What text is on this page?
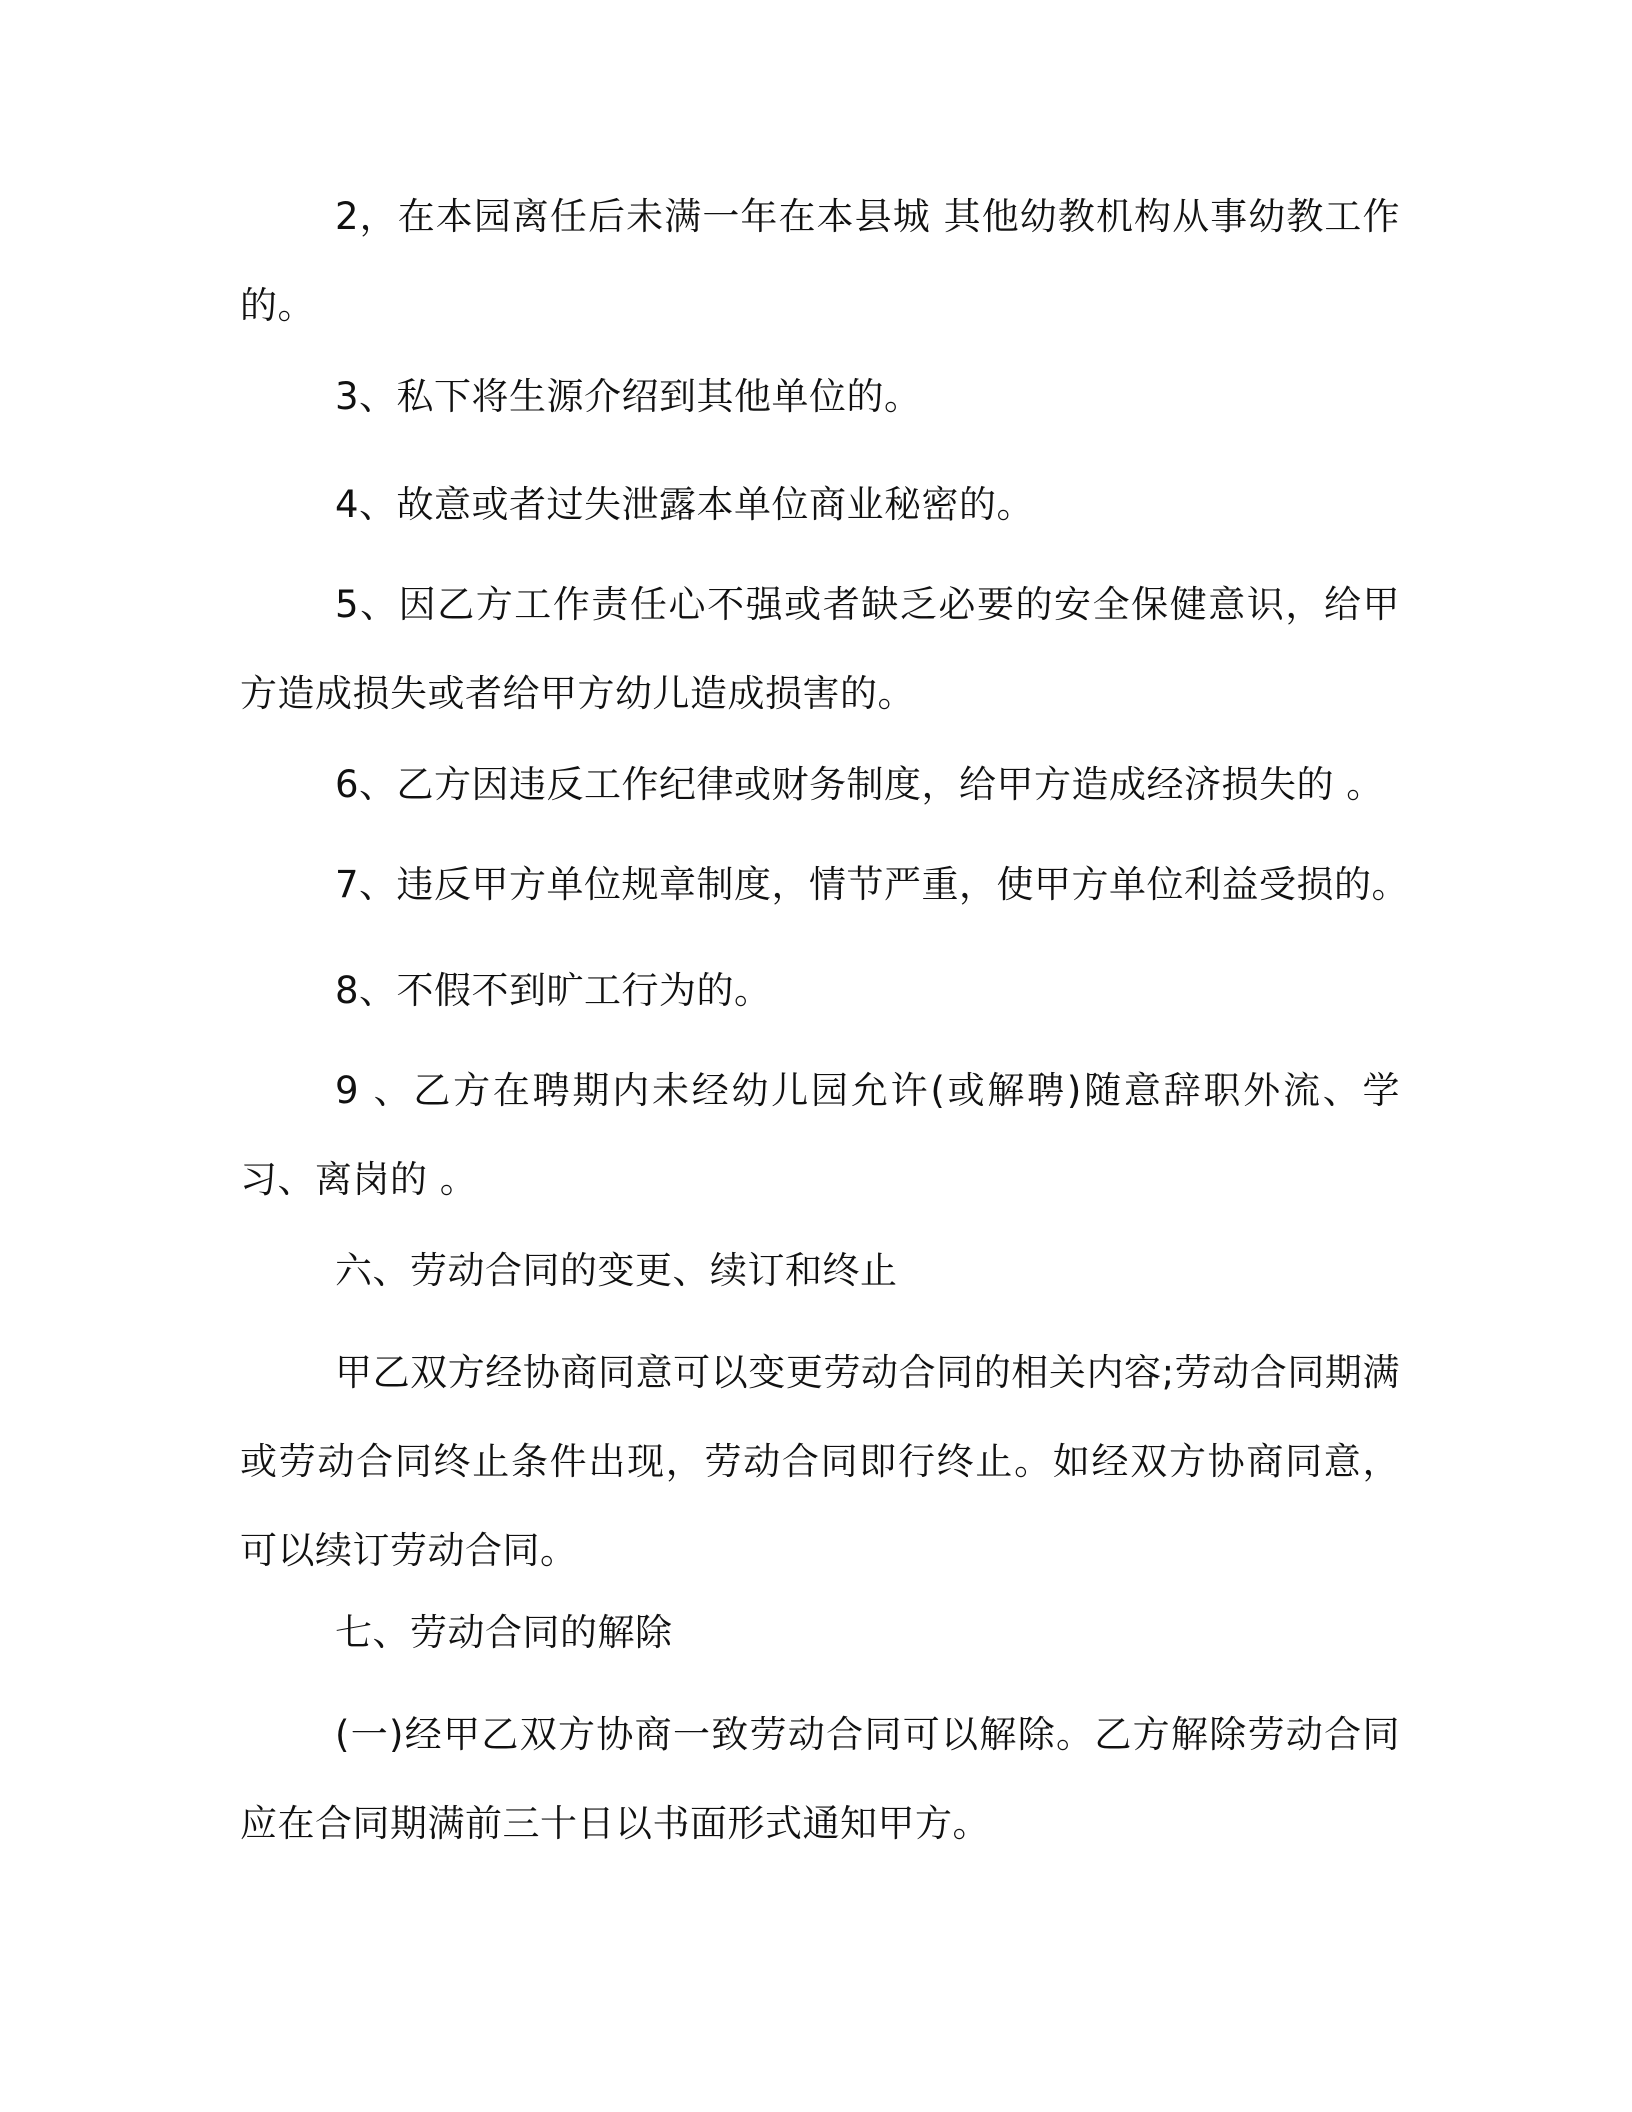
2，在本园离任后未满一年在本县城 其他幼教机构从事幼教工作的。

3、私下将生源介绍到其他单位的。

4、故意或者过失泄露本单位商业秘密的。

5、因乙方工作责任心不强或者缺乏必要的安全保健意识，给甲方造成损失或者给甲方幼儿造成损害的。

6、乙方因违反工作纪律或财务制度，给甲方造成经济损失的 。

7、违反甲方单位规章制度，情节严重，使甲方单位利益受损的。

8、不假不到旷工行为的。

9 、乙方在聘期内未经幼儿园允许(或解聘)随意辞职外流、学习、离岗的 。

六、劳动合同的变更、续订和终止

甲乙双方经协商同意可以变更劳动合同的相关内容;劳动合同期满或劳动合同终止条件出现，劳动合同即行终止。如经双方协商同意，可以续订劳动合同。

七、劳动合同的解除

(一)经甲乙双方协商一致劳动合同可以解除。乙方解除劳动合同应在合同期满前三十日以书面形式通知甲方。
